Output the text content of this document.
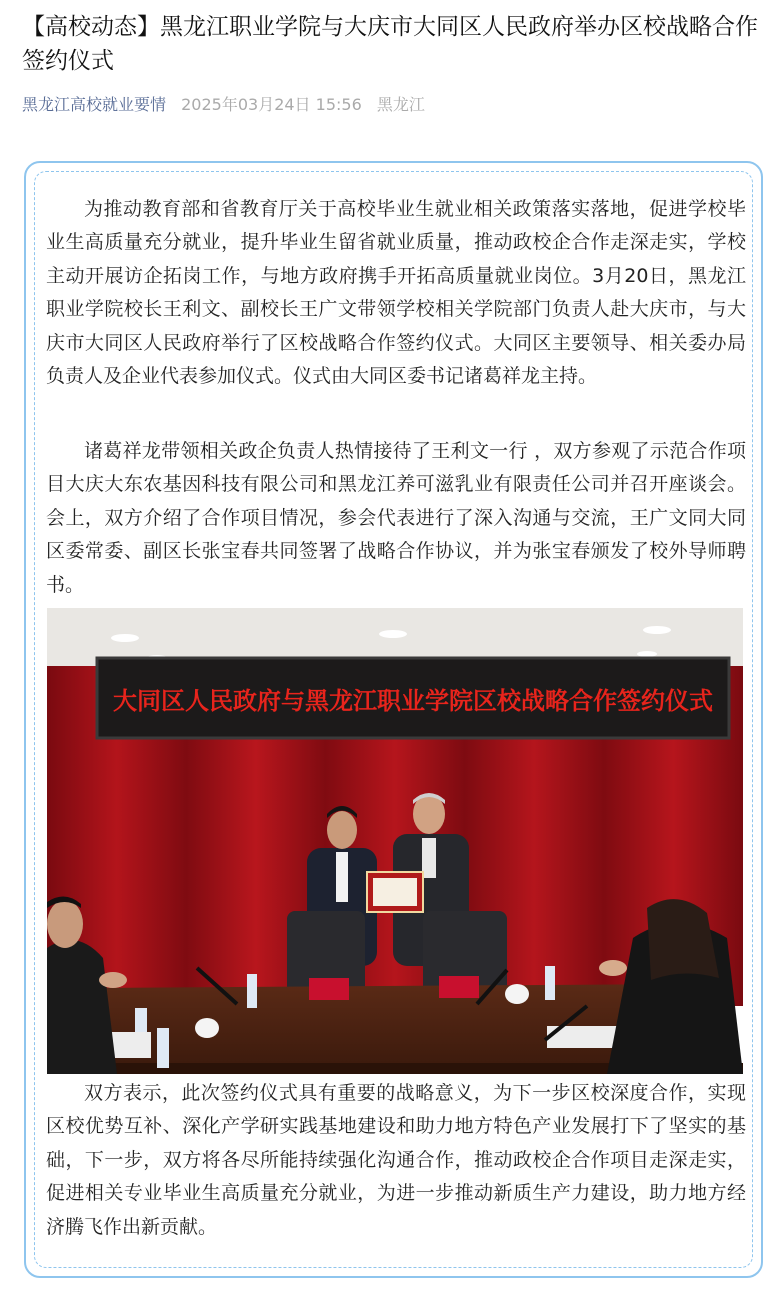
【高校动态】黑龙江职业学院与大庆市大同区人民政府举办区校战略合作签约仪式
黑龙江高校就业要情 2025年03月24日 15:56 黑龙江

为推动教育部和省教育厅关于高校毕业生就业相关政策落实落地，促进学校毕业生高质量充分就业，提升毕业生留省就业质量，推动政校企合作走深走实，学校主动开展访企拓岗工作，与地方政府携手开拓高质量就业岗位。3月20日，黑龙江职业学院校长王利文、副校长王广文带领学校相关学院部门负责人赴大庆市，与大庆市大同区人民政府举行了区校战略合作签约仪式。大同区主要领导、相关委办局负责人及企业代表参加仪式。仪式由大同区委书记诸葛祥龙主持。

诸葛祥龙带领相关政企负责人热情接待了王利文一行 ，双方参观了示范合作项目大庆大东农基因科技有限公司和黑龙江养可滋乳业有限责任公司并召开座谈会。会上，双方介绍了合作项目情况，参会代表进行了深入沟通与交流，王广文同大同区委常委、副区长张宝春共同签署了战略合作协议，并为张宝春颁发了校外导师聘书。

大同区人民政府与黑龙江职业学院区校战略合作签约仪式

双方表示，此次签约仪式具有重要的战略意义，为下一步区校深度合作，实现区校优势互补、深化产学研实践基地建设和助力地方特色产业发展打下了坚实的基础，下一步，双方将各尽所能持续强化沟通合作，推动政校企合作项目走深走实，促进相关专业毕业生高质量充分就业，为进一步推动新质生产力建设，助力地方经济腾飞作出新贡献。
